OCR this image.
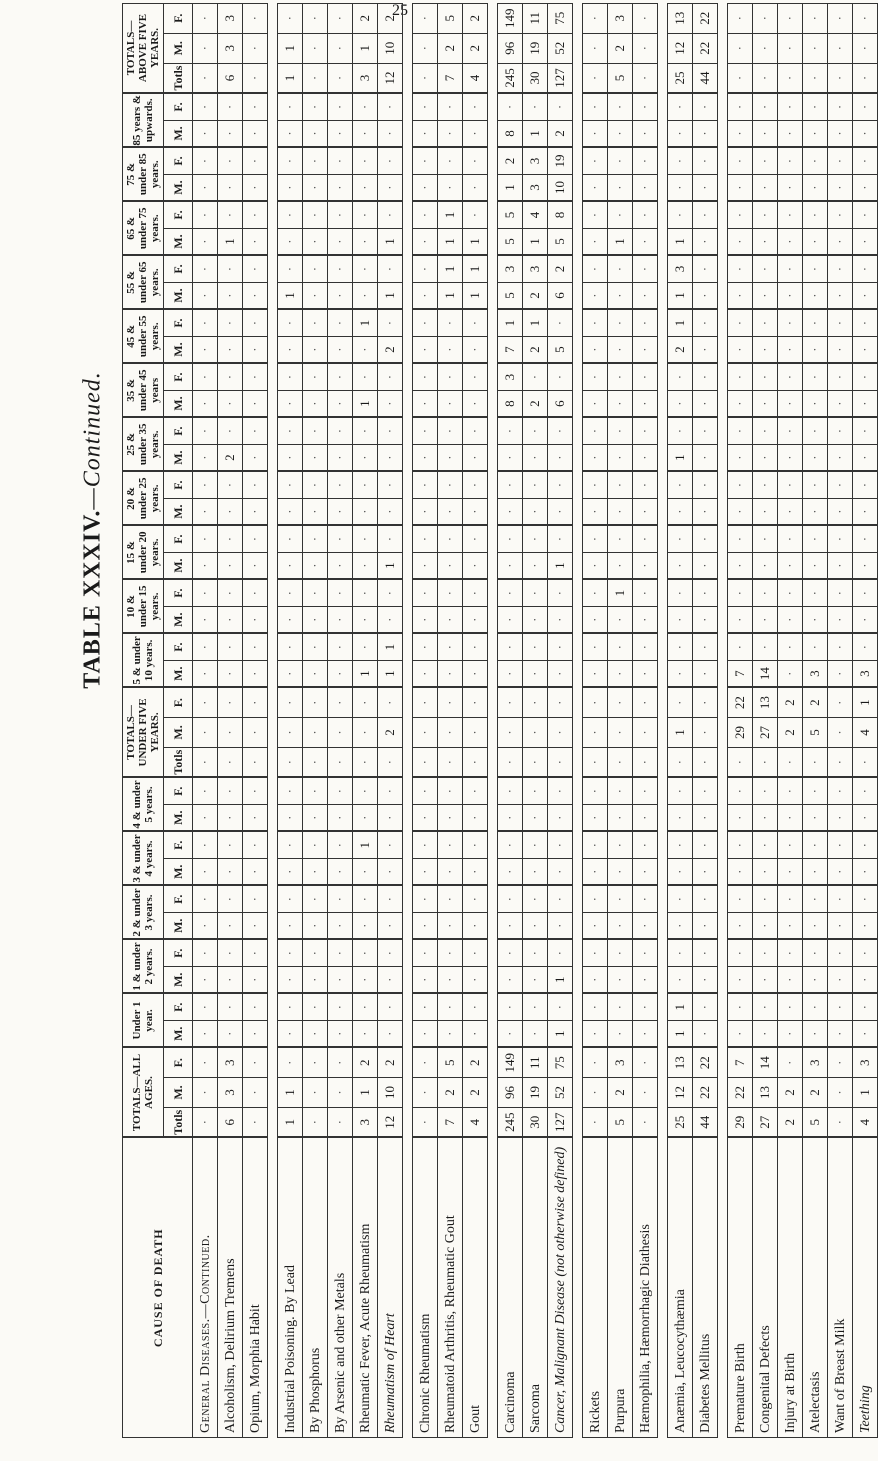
25
TABLE XXXIV.—Continued.
CAUSE OF DEATH	TOTALS—ALL AGES.			Under 1 year.		1 & under 2 years.		2 & under 3 years.		3 & under 4 years.		4 & under 5 years.		TOTALS—UNDER FIVE YEARS.			5 & under 10 years.		10 & under 15 years.		15 & under 20 years.		20 & under 25 years.		25 & under 35 years.		35 & under 45 years		45 & under 55 years.		55 & under 65 years.		65 & under 75 years.		75 & under 85 years.		85 years & upwards.		TOTALS—ABOVE FIVE YEARS.		
	Totls	M.	F.	M.	F.	M.	F.	M.	F.	M.	F.	M.	F.	Totls	M.	F.	M.	F.	M.	F.	M.	F.	M.	F.	M.	F.	M.	F.	M.	F.	M.	F.	M.	F.	M.	F.	M.	F.	Totls	M.	F.
General Diseases.—Continued.	·	·	·	·	·	·	·	·	·	·	·	·	·	·	·	·	·	·	·	·	·	·	·	·	·	·	·	·	·	·	·	·	·	·	·	·	·	·	·	·	·
Alcoholism, Delirium Tremens	6	3	3	·	·	·	·	·	·	·	·	·	·	·	·	·	·	·	·	·	·	·	·	·	2	·	·	·	·	·	·	·	1	·	·	·	·	·	6	3	3
Opium, Morphia Habit	·	·	·	·	·	·	·	·	·	·	·	·	·	·	·	·	·	·	·	·	·	·	·	·	·	·	·	·	·	·	·	·	·	·	·	·	·	·	·	·	·

Industrial Poisoning. By Lead	1	1	·	·	·	·	·	·	·	·	·	·	·	·	·	·	·	·	·	·	·	·	·	·	·	·	·	·	·	·	1	·	·	·	·	·	·	·	1	1	·
By Phosphorus	·	·	·	·	·	·	·	·	·	·	·	·	·	·	·	·	·	·	·	·	·	·	·	·	·	·	·	·	·	·	·	·	·	·	·	·	·	·	·	·	·
By Arsenic and other Metals	·	·	·	·	·	·	·	·	·	·	·	·	·	·	·	·	·	·	·	·	·	·	·	·	·	·	·	·	·	·	·	·	·	·	·	·	·	·	·	·	·
Rheumatic Fever, Acute Rheumatism	3	1	2	·	·	·	·	·	·	·	1	·	·	·	·	·	1	·	·	·	·	·	·	·	·	·	1	·	·	1	·	·	·	·	·	·	·	·	3	1	2
Rheumatism of Heart	12	10	2	·	·	·	·	·	·	·	·	·	·	·	2	·	1	1	·	·	1	·	·	·	·	·	·	·	2	·	1	·	1	·	·	·	·	·	12	10	2

Chronic Rheumatism	·	·	·	·	·	·	·	·	·	·	·	·	·	·	·	·	·	·	·	·	·	·	·	·	·	·	·	·	·	·	·	·	·	·	·	·	·	·	·	·	·
Rheumatoid Arthritis, Rheumatic Gout	7	2	5	·	·	·	·	·	·	·	·	·	·	·	·	·	·	·	·	·	·	·	·	·	·	·	·	·	·	·	1	1	1	1	·	·	·	·	7	2	5
Gout	4	2	2	·	·	·	·	·	·	·	·	·	·	·	·	·	·	·	·	·	·	·	·	·	·	·	·	·	·	·	1	1	1	·	·	·	·	·	4	2	2

Carcinoma	245	96	149	·	·	·	·	·	·	·	·	·	·	·	·	·	·	·	·	·	·	·	·	·	·	·	8	3	7	1	5	3	5	5	1	2	8	·	245	96	149
Sarcoma	30	19	11	·	·	·	·	·	·	·	·	·	·	·	·	·	·	·	·	·	·	·	·	·	·	·	2	·	2	1	2	3	1	4	3	3	1	·	30	19	11
Cancer, Malignant Disease (not otherwise defined)	127	52	75	1	·	1	·	·	·	·	·	·	·	·	·	·	·	·	·	·	1	·	·	·	·	·	6	·	5	·	6	2	5	8	10	19	2	·	127	52	75

Rickets	·	·	·	·	·	·	·	·	·	·	·	·	·	·	·	·	·	·	·	·	·	·	·	·	·	·	·	·	·	·	·	·	·	·	·	·	·	·	·	·	·
Purpura	5	2	3	·	·	·	·	·	·	·	·	·	·	·	·	·	·	·	·	1	·	·	·	·	·	·	·	·	·	·	·	·	1	·	·	·	·	·	5	2	3
Hæmophilia, Hæmorrhagic Diathesis	·	·	·	·	·	·	·	·	·	·	·	·	·	·	·	·	·	·	·	·	·	·	·	·	·	·	·	·	·	·	·	·	·	·	·	·	·	·	·	·	·

Anæmia, Leucocythæmia	25	12	13	1	1	·	·	·	·	·	·	·	·	·	1	·	·	·	·	·	·	·	·	·	1	·	·	·	2	1	1	3	1	·	·	·	·	·	25	12	13
Diabetes Mellitus	44	22	22	·	·	·	·	·	·	·	·	·	·	·	·	·	·	·	·	·	·	·	·	·	·	·	·	·	·	·	·	·	·	·	·	·	·	·	44	22	22

Premature Birth	29	22	7	·	·	·	·	·	·	·	·	·	·	·	29	22	7	·	·	·	·	·	·	·	·	·	·	·	·	·	·	·	·	·	·	·	·	·	·	·	·
Congenital Defects	27	13	14	·	·	·	·	·	·	·	·	·	·	·	27	13	14	·	·	·	·	·	·	·	·	·	·	·	·	·	·	·	·	·	·	·	·	·	·	·	·
Injury at Birth	2	2	·	·	·	·	·	·	·	·	·	·	·	·	2	2	·	·	·	·	·	·	·	·	·	·	·	·	·	·	·	·	·	·	·	·	·	·	·	·	·
Atelectasis	5	2	3	·	·	·	·	·	·	·	·	·	·	·	5	2	3	·	·	·	·	·	·	·	·	·	·	·	·	·	·	·	·	·	·	·	·	·	·	·	·
Want of Breast Milk	·	·	·	·	·	·	·	·	·	·	·	·	·	·	·	·	·	·	·	·	·	·	·	·	·	·	·	·	·	·	·	·	·	·	·	·	·	·	·	·	·
Teething	4	1	3	·	·	·	·	·	·	·	·	·	·	·	4	1	3	·	·	·	·	·	·	·	·	·	·	·	·	·	·	·	·	·	·	·	·	·	·	·	·
